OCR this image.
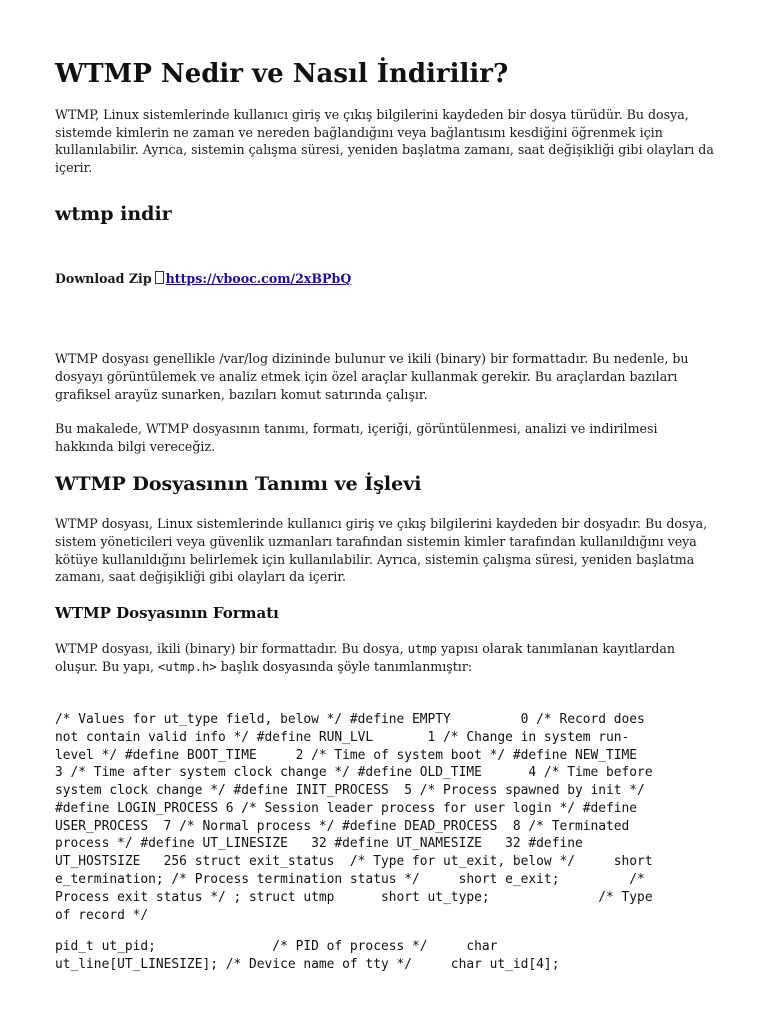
WTMP Nedir ve Nasıl İndirilir?

WTMP, Linux sistemlerinde kullanıcı giriş ve çıkış bilgilerini kaydeden bir dosya türüdür. Bu dosya, sistemde kimlerin ne zaman ve nereden bağlandığını veya bağlantısını kesdiğini öğrenmek için kullanılabilir. Ayrıca, sistemin çalışma süresi, yeniden başlatma zamanı, saat değişikliği gibi olayları da içerir.

wtmp indir
Download Zip https://vbooc.com/2xBPbQ

WTMP dosyası genellikle /var/log dizininde bulunur ve ikili (binary) bir formattadır. Bu nedenle, bu dosyayı görüntülemek ve analiz etmek için özel araçlar kullanmak gerekir. Bu araçlardan bazıları grafiksel arayüz sunarken, bazıları komut satırında çalışır.

Bu makalede, WTMP dosyasının tanımı, formatı, içeriği, görüntülenmesi, analizi ve indirilmesi hakkında bilgi vereceğiz.

WTMP Dosyasının Tanımı ve İşlevi

WTMP dosyası, Linux sistemlerinde kullanıcı giriş ve çıkış bilgilerini kaydeden bir dosyadır. Bu dosya, sistem yöneticileri veya güvenlik uzmanları tarafından sistemin kimler tarafından kullanıldığını veya kötüye kullanıldığını belirlemek için kullanılabilir. Ayrıca, sistemin çalışma süresi, yeniden başlatma zamanı, saat değişikliği gibi olayları da içerir.

WTMP Dosyasının Formatı

WTMP dosyası, ikili (binary) bir formattadır. Bu dosya, utmp yapısı olarak tanımlanan kayıtlardan oluşur. Bu yapı, <utmp.h> başlık dosyasında şöyle tanımlanmıştır:

/* Values for ut_type field, below */ #define EMPTY         0 /* Record does
not contain valid info */ #define RUN_LVL       1 /* Change in system run-
level */ #define BOOT_TIME     2 /* Time of system boot */ #define NEW_TIME
3 /* Time after system clock change */ #define OLD_TIME      4 /* Time before
system clock change */ #define INIT_PROCESS  5 /* Process spawned by init */
#define LOGIN_PROCESS 6 /* Session leader process for user login */ #define
USER_PROCESS  7 /* Normal process */ #define DEAD_PROCESS  8 /* Terminated
process */ #define UT_LINESIZE   32 #define UT_NAMESIZE   32 #define
UT_HOSTSIZE   256 struct exit_status  /* Type for ut_exit, below */     short
e_termination; /* Process termination status */     short e_exit;         /*
Process exit status */ ; struct utmp      short ut_type;              /* Type
of record */
pid_t ut_pid;               /* PID of process */     char
ut_line[UT_LINESIZE]; /* Device name of tty */     char ut_id[4];
